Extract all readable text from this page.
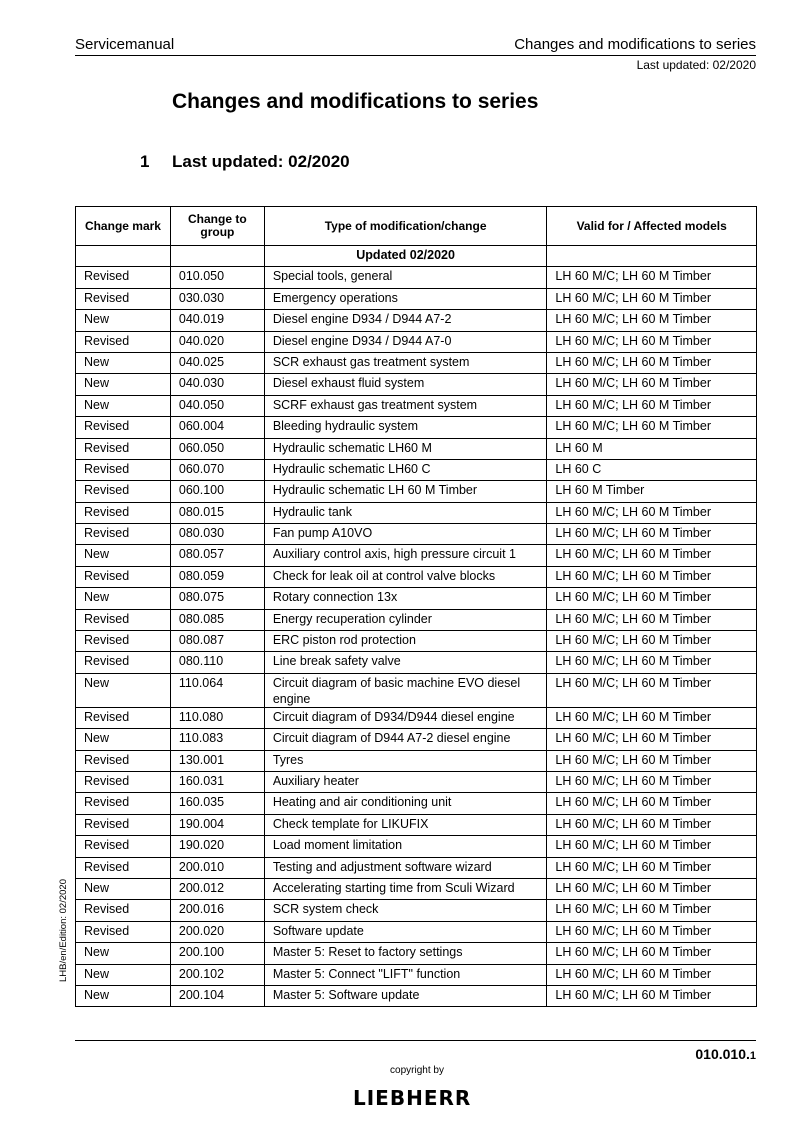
Servicemanual	Changes and modifications to series
Last updated: 02/2020
Changes and modifications to series
1 Last updated: 02/2020
Change mark	Change to group	Type of modification/change	Valid for / Affected models
		Updated 02/2020	
Revised	010.050	Special tools, general	LH 60 M/C; LH 60 M Timber
Revised	030.030	Emergency operations	LH 60 M/C; LH 60 M Timber
New	040.019	Diesel engine D934 / D944 A7-2	LH 60 M/C; LH 60 M Timber
Revised	040.020	Diesel engine D934 / D944 A7-0	LH 60 M/C; LH 60 M Timber
New	040.025	SCR exhaust gas treatment system	LH 60 M/C; LH 60 M Timber
New	040.030	Diesel exhaust fluid system	LH 60 M/C; LH 60 M Timber
New	040.050	SCRF exhaust gas treatment system	LH 60 M/C; LH 60 M Timber
Revised	060.004	Bleeding hydraulic system	LH 60 M/C; LH 60 M Timber
Revised	060.050	Hydraulic schematic LH60 M	LH 60 M
Revised	060.070	Hydraulic schematic LH60 C	LH 60 C
Revised	060.100	Hydraulic schematic LH 60 M Timber	LH 60 M Timber
Revised	080.015	Hydraulic tank	LH 60 M/C; LH 60 M Timber
Revised	080.030	Fan pump A10VO	LH 60 M/C; LH 60 M Timber
New	080.057	Auxiliary control axis, high pressure circuit 1	LH 60 M/C; LH 60 M Timber
Revised	080.059	Check for leak oil at control valve blocks	LH 60 M/C; LH 60 M Timber
New	080.075	Rotary connection 13x	LH 60 M/C; LH 60 M Timber
Revised	080.085	Energy recuperation cylinder	LH 60 M/C; LH 60 M Timber
Revised	080.087	ERC piston rod protection	LH 60 M/C; LH 60 M Timber
Revised	080.110	Line break safety valve	LH 60 M/C; LH 60 M Timber
New	110.064	Circuit diagram of basic machine EVO diesel engine	LH 60 M/C; LH 60 M Timber
Revised	110.080	Circuit diagram of D934/D944 diesel engine	LH 60 M/C; LH 60 M Timber
New	110.083	Circuit diagram of D944 A7-2 diesel engine	LH 60 M/C; LH 60 M Timber
Revised	130.001	Tyres	LH 60 M/C; LH 60 M Timber
Revised	160.031	Auxiliary heater	LH 60 M/C; LH 60 M Timber
Revised	160.035	Heating and air conditioning unit	LH 60 M/C; LH 60 M Timber
Revised	190.004	Check template for LIKUFIX	LH 60 M/C; LH 60 M Timber
Revised	190.020	Load moment limitation	LH 60 M/C; LH 60 M Timber
Revised	200.010	Testing and adjustment software wizard	LH 60 M/C; LH 60 M Timber
New	200.012	Accelerating starting time from Sculi Wizard	LH 60 M/C; LH 60 M Timber
Revised	200.016	SCR system check	LH 60 M/C; LH 60 M Timber
Revised	200.020	Software update	LH 60 M/C; LH 60 M Timber
New	200.100	Master 5: Reset to factory settings	LH 60 M/C; LH 60 M Timber
New	200.102	Master 5: Connect "LIFT" function	LH 60 M/C; LH 60 M Timber
New	200.104	Master 5: Software update	LH 60 M/C; LH 60 M Timber
LHB/en/Edition: 02/2020
010.010.1
copyright by
LIEBHERR
